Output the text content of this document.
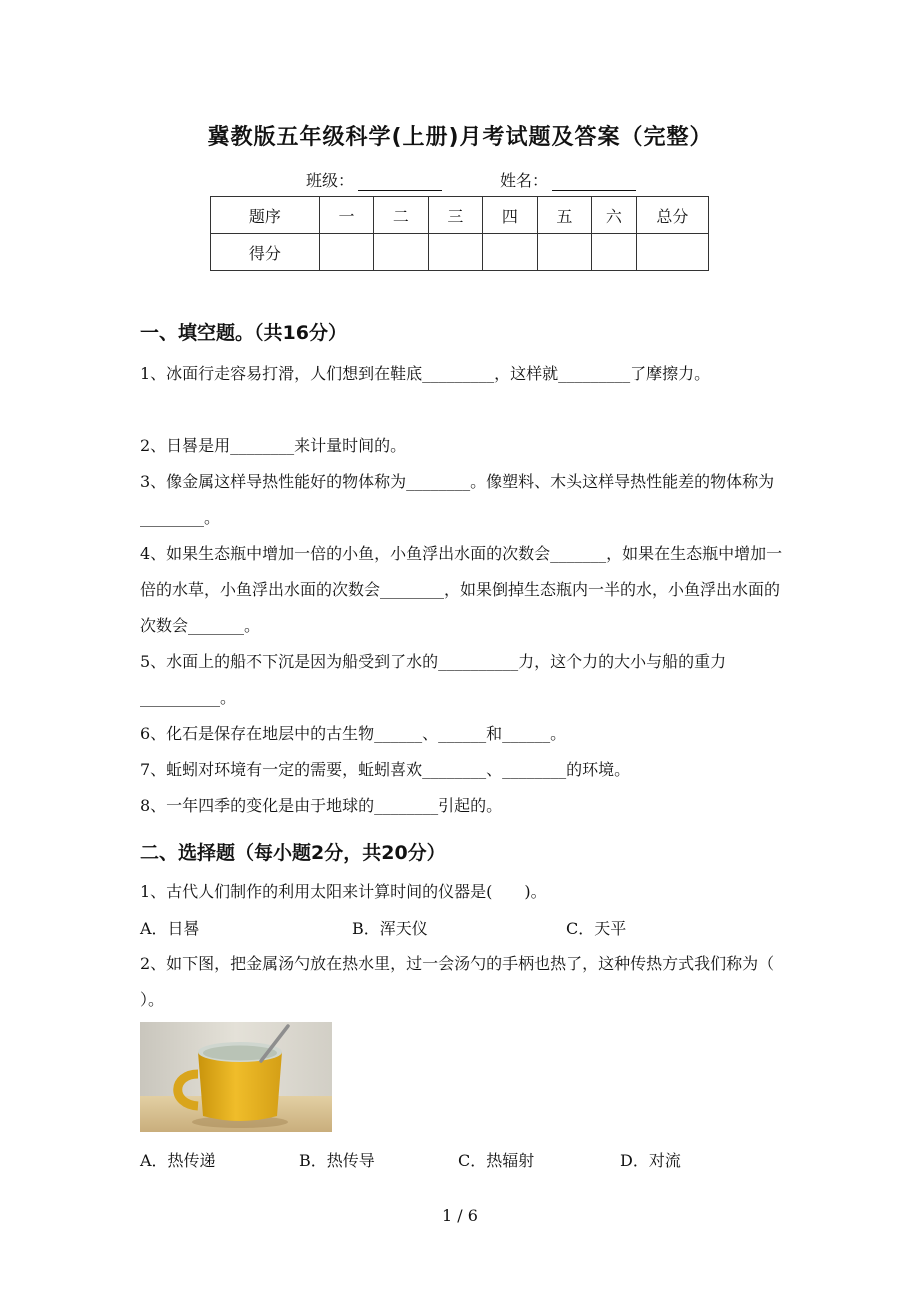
冀教版五年级科学(上册)月考试题及答案（完整）
班级：	姓名：
题序	一	二	三	四	五	六	总分
得分							
一、填空题。（共16分）
1、冰面行走容易打滑，人们想到在鞋底_________，这样就_________了摩擦力。
2、日晷是用________来计量时间的。
3、像金属这样导热性能好的物体称为________。像塑料、木头这样导热性能差的物体称为________。
4、如果生态瓶中增加一倍的小鱼，小鱼浮出水面的次数会_______，如果在生态瓶中增加一倍的水草，小鱼浮出水面的次数会________，如果倒掉生态瓶内一半的水，小鱼浮出水面的次数会_______。
5、水面上的船不下沉是因为船受到了水的__________力，这个力的大小与船的重力__________。
6、化石是保存在地层中的古生物______、______和______。
7、蚯蚓对环境有一定的需要，蚯蚓喜欢________、________的环境。
8、一年四季的变化是由于地球的________引起的。
二、选择题（每小题2分，共20分）
1、古代人们制作的利用太阳来计算时间的仪器是(　　)。
A．日晷	B．浑天仪	C．天平
2、如下图，把金属汤勺放在热水里，过一会汤勺的手柄也热了，这种传热方式我们称为（　 ）。
A．热传递	B．热传导	C．热辐射	D．对流
1 / 6
